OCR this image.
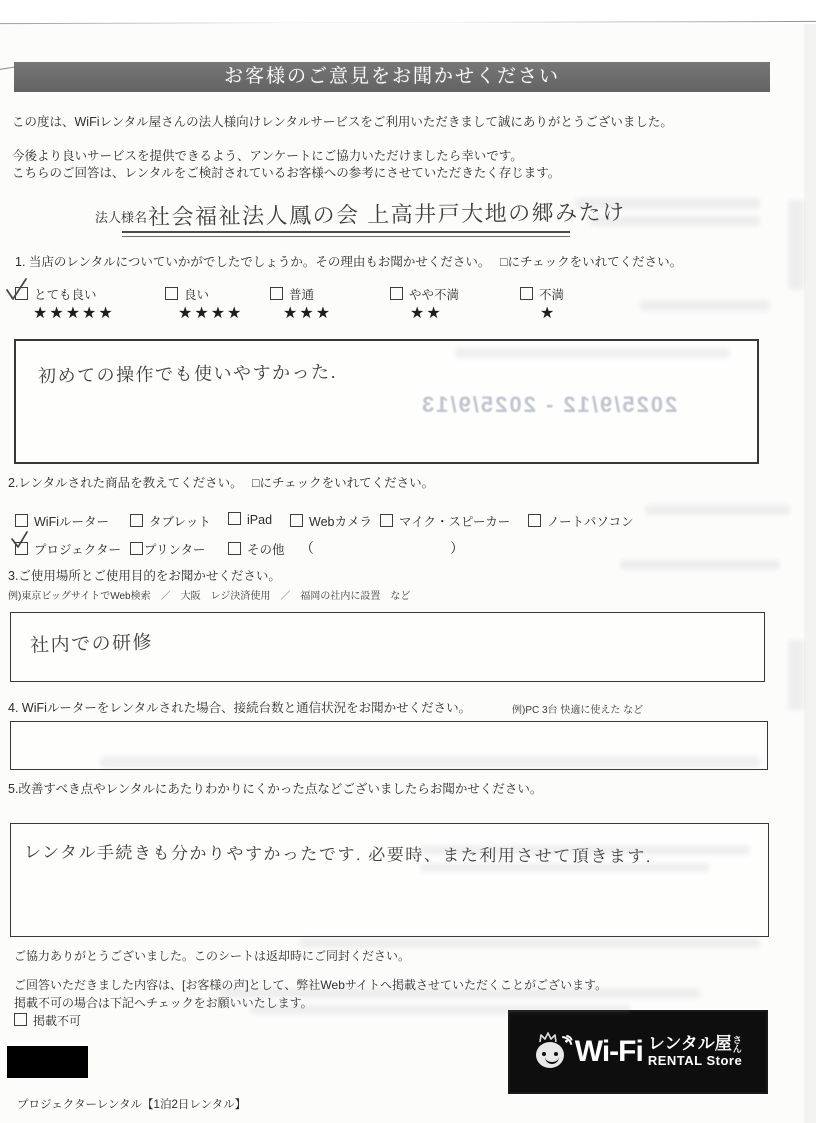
お客様のご意見をお聞かせください
この度は、WiFiレンタル屋さんの法人様向けレンタルサービスをご利用いただきまして誠にありがとうございました。
今後より良いサービスを提供できるよう、アンケートにご協力いただけましたら幸いです。
こちらのご回答は、レンタルをご検討されているお客様への参考にさせていただきたく存じます。
法人様名 社会福祉法人鳳の会 上高井戸大地の郷みたけ
1. 当店のレンタルについていかがでしたでしょうか。その理由もお聞かせください。 □にチェックをいれてください。
とても良い	良い	普通	やや不満	不満
★★★★★	★★★★ ★★★	★★	★
初めての操作でも使いやすかった.
2025/9/12 - 2025/9/13
2.レンタルされた商品を教えてください。 □にチェックをいれてください。
WiFiルーター	タブレット	iPad	Webカメラ	マイク・スピーカー	ノートパソコン
プロジェクター	プリンター	その他 （	）
3.ご使用場所とご使用目的をお聞かせください。
例)東京ビッグサイトでWeb検索　／　大阪　レジ決済使用　／　福岡の社内に設置　など
社内での研修
4. WiFiルーターをレンタルされた場合、接続台数と通信状況をお聞かせください。	例)PC 3台 快適に使えた など
5.改善すべき点やレンタルにあたりわかりにくかった点などございましたらお聞かせください。
レンタル手続きも分かりやすかったです. 必要時、また利用させて頂きます.
ご協力ありがとうございました。このシートは返却時にご同封ください。
ご回答いただきました内容は、[お客様の声]として、弊社Webサイトへ掲載させていただくことがございます。
掲載不可の場合は下記へチェックをお願いいたします。
掲載不可
Wi-Fi レンタル屋 さ
ん
RENTAL Store
プロジェクターレンタル【1泊2日レンタル】
